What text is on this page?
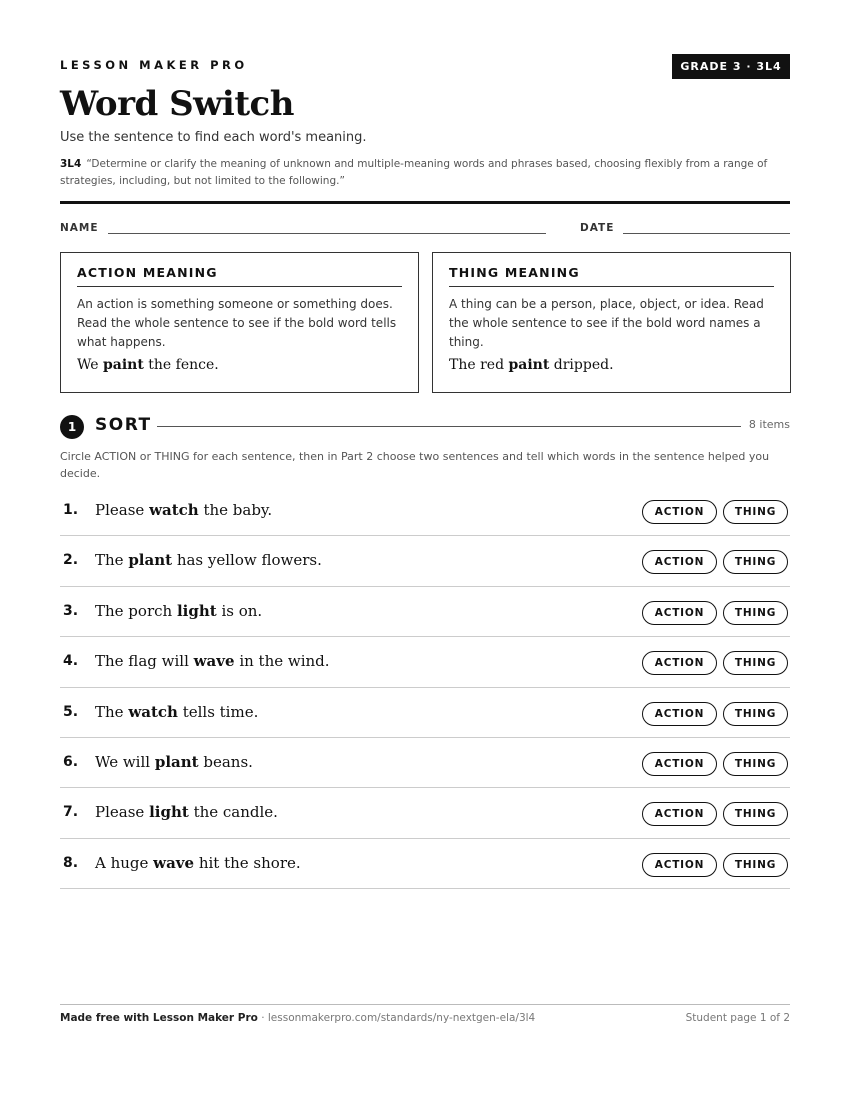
LESSON MAKER PRO	GRADE 3 · 3L4
Word Switch
Use the sentence to find each word's meaning.
3L4 “Determine or clarify the meaning of unknown and multiple-meaning words and phrases based, choosing flexibly from a range of strategies, including, but not limited to the following.”
NAME	DATE
ACTION MEANING
An action is something someone or something does. Read the whole sentence to see if the bold word tells what happens.
We paint the fence.
THING MEANING
A thing can be a person, place, object, or idea. Read the whole sentence to see if the bold word names a thing.
The red paint dripped.
1	SORT	8 items
Circle ACTION or THING for each sentence, then in Part 2 choose two sentences and tell which words in the sentence helped you decide.
1. Please watch the baby.	ACTION	THING
2. The plant has yellow flowers.	ACTION	THING
3. The porch light is on.	ACTION	THING
4. The flag will wave in the wind.	ACTION	THING
5. The watch tells time.	ACTION	THING
6. We will plant beans.	ACTION	THING
7. Please light the candle.	ACTION	THING
8. A huge wave hit the shore.	ACTION	THING
Made free with Lesson Maker Pro · lessonmakerpro.com/standards/ny-nextgen-ela/3l4	Student page 1 of 2
